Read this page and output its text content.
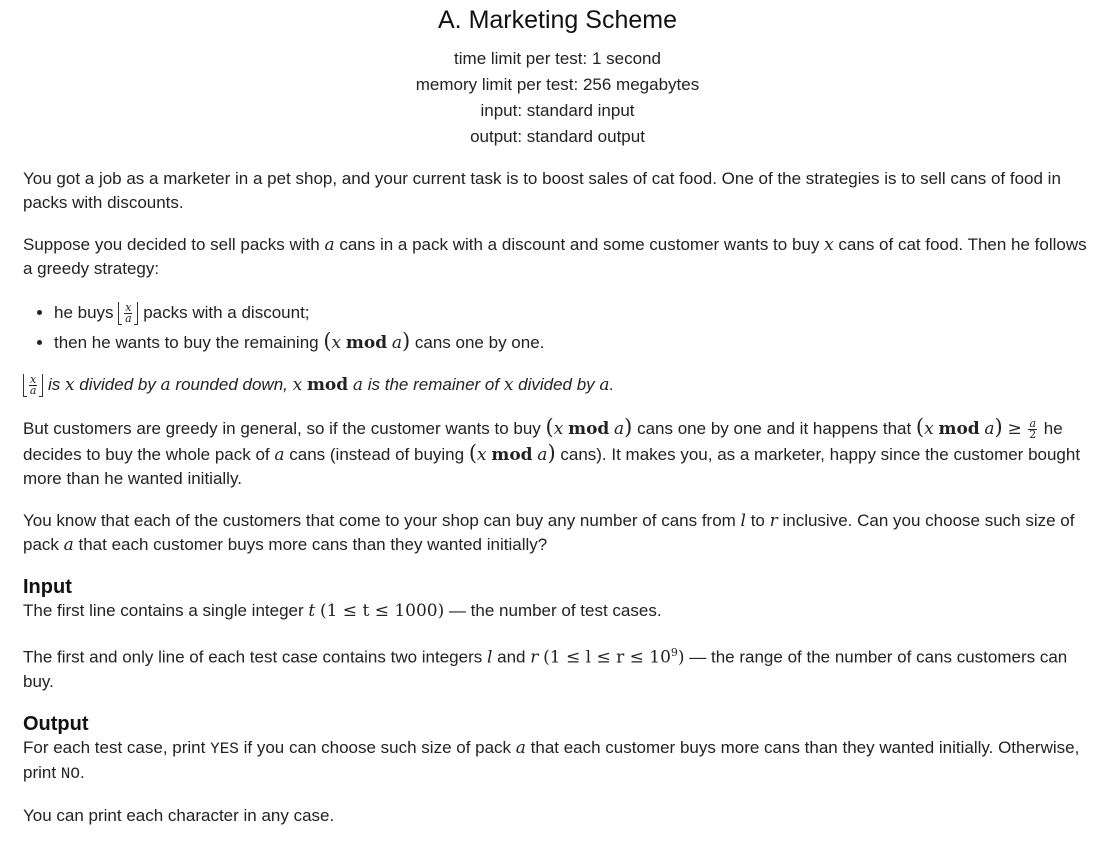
A. Marketing Scheme
time limit per test: 1 second
memory limit per test: 256 megabytes
input: standard input
output: standard output

You got a job as a marketer in a pet shop, and your current task is to boost sales of cat food. One of the strategies is to sell cans of food in packs with discounts.

Suppose you decided to sell packs with a cans in a pack with a discount and some customer wants to buy x cans of cat food. Then he follows a greedy strategy:

• he buys $\frac{x}{a}$ packs with a discount;
• then he wants to buy the remaining (x mod a) cans one by one.

$\frac{x}{a}$ is x divided by a rounded down, x mod a is the remainer of x divided by a.

But customers are greedy in general, so if the customer wants to buy (x mod a) cans one by one and it happens that (x mod $a) \ge \frac{a}{2}$ he decides to buy the whole pack of a cans (instead of buying (x mod a) cans). It makes you, as a marketer, happy since the customer bought more than he wanted initially.

You know that each of the customers that come to your shop can buy any number of cans from l to r inclusive. Can you choose such size of pack a that each customer buys more cans than they wanted initially?

Input

The first line contains a single integer t (1 ≤ t ≤ 1000) — the number of test cases.

The first and only line of each test case contains two integers l and r $(1 \le l \le r \le 10^9)$ — the range of the number of cans customers can buy.

Output

For each test case, print YES if you can choose such size of pack a that each customer buys more cans than they wanted initially. Otherwise, print NO.

You can print each character in any case.
